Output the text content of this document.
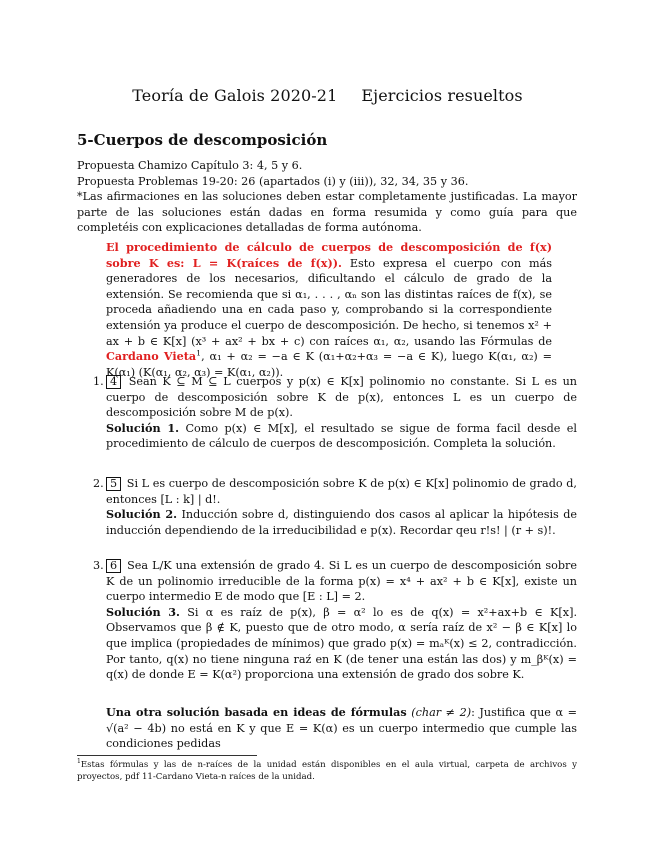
Teoría de Galois 2020-21 Ejercicios resueltos
5-Cuerpos de descomposición

Propuesta Chamizo Capítulo 3: 4, 5 y 6.

Propuesta Problemas 19-20: 26 (apartados (i) y (iii)), 32, 34, 35 y 36.

*Las afirmaciones en las soluciones deben estar completamente justificadas. La mayor parte de las soluciones están dadas en forma resumida y como guía para que completéis con explicaciones detalladas de forma autónoma.

El procedimiento de cálculo de cuerpos de descomposición de f(x) sobre K es: L = K(raíces de f(x)). Esto expresa el cuerpo con más generadores de los necesarios, dificultando el cálculo de grado de la extensión. Se recomienda que si α₁, . . . , αₙ son las distintas raíces de f(x), se proceda añadiendo una en cada paso y, comprobando si la correspondiente extensión ya produce el cuerpo de descomposición. De hecho, si tenemos x² + ax + b ∈ K[x] (x³ + ax² + bx + c) con raíces α₁, α₂, usando las Fórmulas de Cardano Vieta$^1$, α₁ + α₂ = −a ∈ K (α₁+α₂+α₃ = −a ∈ K), luego K(α₁, α₂) = K(α₁) (K(α₁, α₂, α₃) = K(α₁, α₂)).
1. 4 Sean K ⊆ M ⊆ L cuerpos y p(x) ∈ K[x] polinomio no constante. Si L es un cuerpo de descomposición sobre K de p(x), entonces L es un cuerpo de descomposición sobre M de p(x).

Solución 1. Como p(x) ∈ M[x], el resultado se sigue de forma facil desde el procedimiento de cálculo de cuerpos de descomposición. Completa la solución.

2. 5 Si L es cuerpo de descomposición sobre K de p(x) ∈ K[x] polinomio de grado d, entonces [L : k] | d!.

Solución 2. Inducción sobre d, distinguiendo dos casos al aplicar la hipótesis de inducción dependiendo de la irreducibilidad e p(x). Recordar qeu r!s! | (r + s)!.

3. 6 Sea L/K una extensión de grado 4. Si L es un cuerpo de descomposición sobre K de un polinomio irreducible de la forma p(x) = x⁴ + ax² + b ∈ K[x], existe un cuerpo intermedio E de modo que [E : L] = 2.

Solución 3. Si α es raíz de p(x), β = α² lo es de q(x) = x²+ax+b ∈ K[x]. Observamos que β ∉ K, puesto que de otro modo, α sería raíz de x² − β ∈ K[x] lo que implica (propiedades de mínimos) que grado p(x) = mₐᴷ(x) ≤ 2, contradicción. Por tanto, q(x) no tiene ninguna raź en K (de tener una están las dos) y m_βᴷ(x) = q(x) de donde E = K(α²) proporciona una extensión de grado dos sobre K.

Una otra solución basada en ideas de fórmulas (char ≠ 2): Justifica que α = √(a² − 4b) no está en K y que E = K(α) es un cuerpo intermedio que cumple las condiciones pedidas
$^1$Estas fórmulas y las de n-raíces de la unidad están disponibles en el aula virtual, carpeta de archivos y proyectos, pdf 11-Cardano Vieta-n raíces de la unidad.
